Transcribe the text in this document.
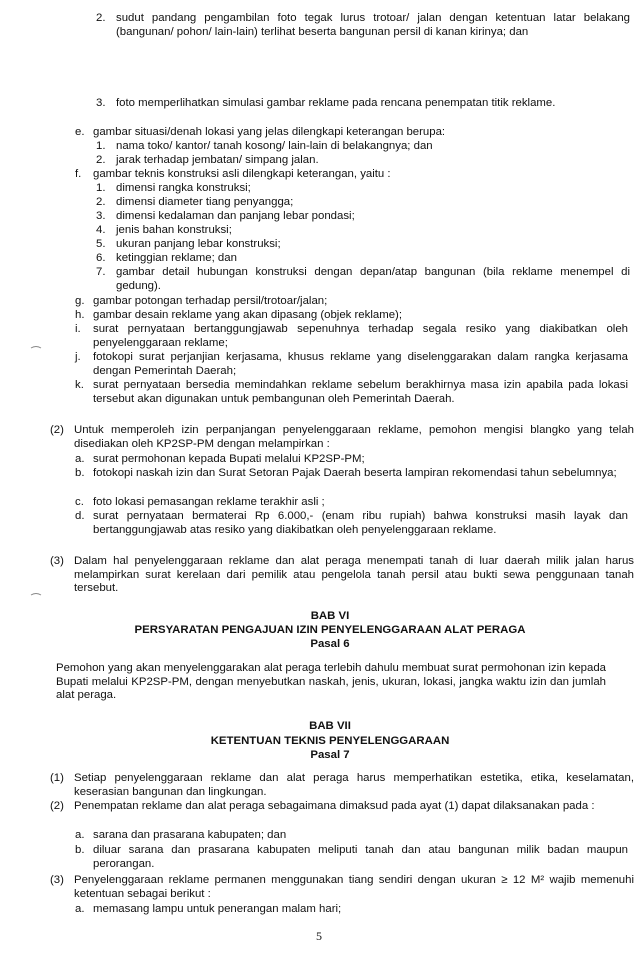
2. sudut pandang pengambilan foto tegak lurus trotoar/ jalan dengan ketentuan latar belakang (bangunan/ pohon/ lain-lain) terlihat beserta bangunan persil di kanan kirinya; dan

3. foto memperlihatkan simulasi gambar reklame pada rencana penempatan titik reklame.

e. gambar situasi/denah lokasi yang jelas dilengkapi keterangan berupa:

1. nama toko/ kantor/ tanah kosong/ lain-lain di belakangnya; dan

2. jarak terhadap jembatan/ simpang jalan.

f. gambar teknis konstruksi asli dilengkapi keterangan, yaitu :

1. dimensi rangka konstruksi;

2. dimensi diameter tiang penyangga;

3. dimensi kedalaman dan panjang lebar pondasi;

4. jenis bahan konstruksi;

5. ukuran panjang lebar konstruksi;

6. ketinggian reklame; dan

7. gambar detail hubungan konstruksi dengan depan/atap bangunan (bila reklame menempel di gedung).

g. gambar potongan terhadap persil/trotoar/jalan;

h. gambar desain reklame yang akan dipasang (objek reklame);

i. surat pernyataan bertanggungjawab sepenuhnya terhadap segala resiko yang diakibatkan oleh penyelenggaraan reklame;

j. fotokopi surat perjanjian kerjasama, khusus reklame yang diselenggarakan dalam rangka kerjasama dengan Pemerintah Daerah;

k. surat pernyataan bersedia memindahkan reklame sebelum berakhirnya masa izin apabila pada lokasi tersebut akan digunakan untuk pembangunan oleh Pemerintah Daerah.

(2) Untuk memperoleh izin perpanjangan penyelenggaraan reklame, pemohon mengisi blangko yang telah disediakan oleh KP2SP-PM dengan melampirkan :

a. surat permohonan kepada Bupati melalui KP2SP-PM;

b. fotokopi naskah izin dan Surat Setoran Pajak Daerah beserta lampiran rekomendasi tahun sebelumnya;

c. foto lokasi pemasangan reklame terakhir asli ;

d. surat pernyataan bermaterai Rp 6.000,- (enam ribu rupiah) bahwa konstruksi masih layak dan bertanggungjawab atas resiko yang diakibatkan oleh penyelenggaraan reklame.

(3) Dalam hal penyelenggaraan reklame dan alat peraga menempati tanah di luar daerah milik jalan harus melampirkan surat kerelaan dari pemilik atau pengelola tanah persil atau bukti sewa penggunaan tanah tersebut.

BAB VI
PERSYARATAN PENGAJUAN IZIN PENYELENGGARAAN ALAT PERAGA
Pasal 6

Pemohon yang akan menyelenggarakan alat peraga terlebih dahulu membuat surat permohonan izin kepada Bupati melalui KP2SP-PM, dengan menyebutkan naskah, jenis, ukuran, lokasi, jangka waktu izin dan jumlah alat peraga.

BAB VII
KETENTUAN TEKNIS PENYELENGGARAAN
Pasal 7

(1) Setiap penyelenggaraan reklame dan alat peraga harus memperhatikan estetika, etika, keselamatan, keserasian bangunan dan lingkungan.

(2) Penempatan reklame dan alat peraga sebagaimana dimaksud pada ayat (1) dapat dilaksanakan pada :

a. sarana dan prasarana kabupaten; dan

b. diluar sarana dan prasarana kabupaten meliputi tanah dan atau bangunan milik badan maupun perorangan.

(3) Penyelenggaraan reklame permanen menggunakan tiang sendiri dengan ukuran ≥ 12 M² wajib memenuhi ketentuan sebagai berikut :

a. memasang lampu untuk penerangan malam hari;

5
